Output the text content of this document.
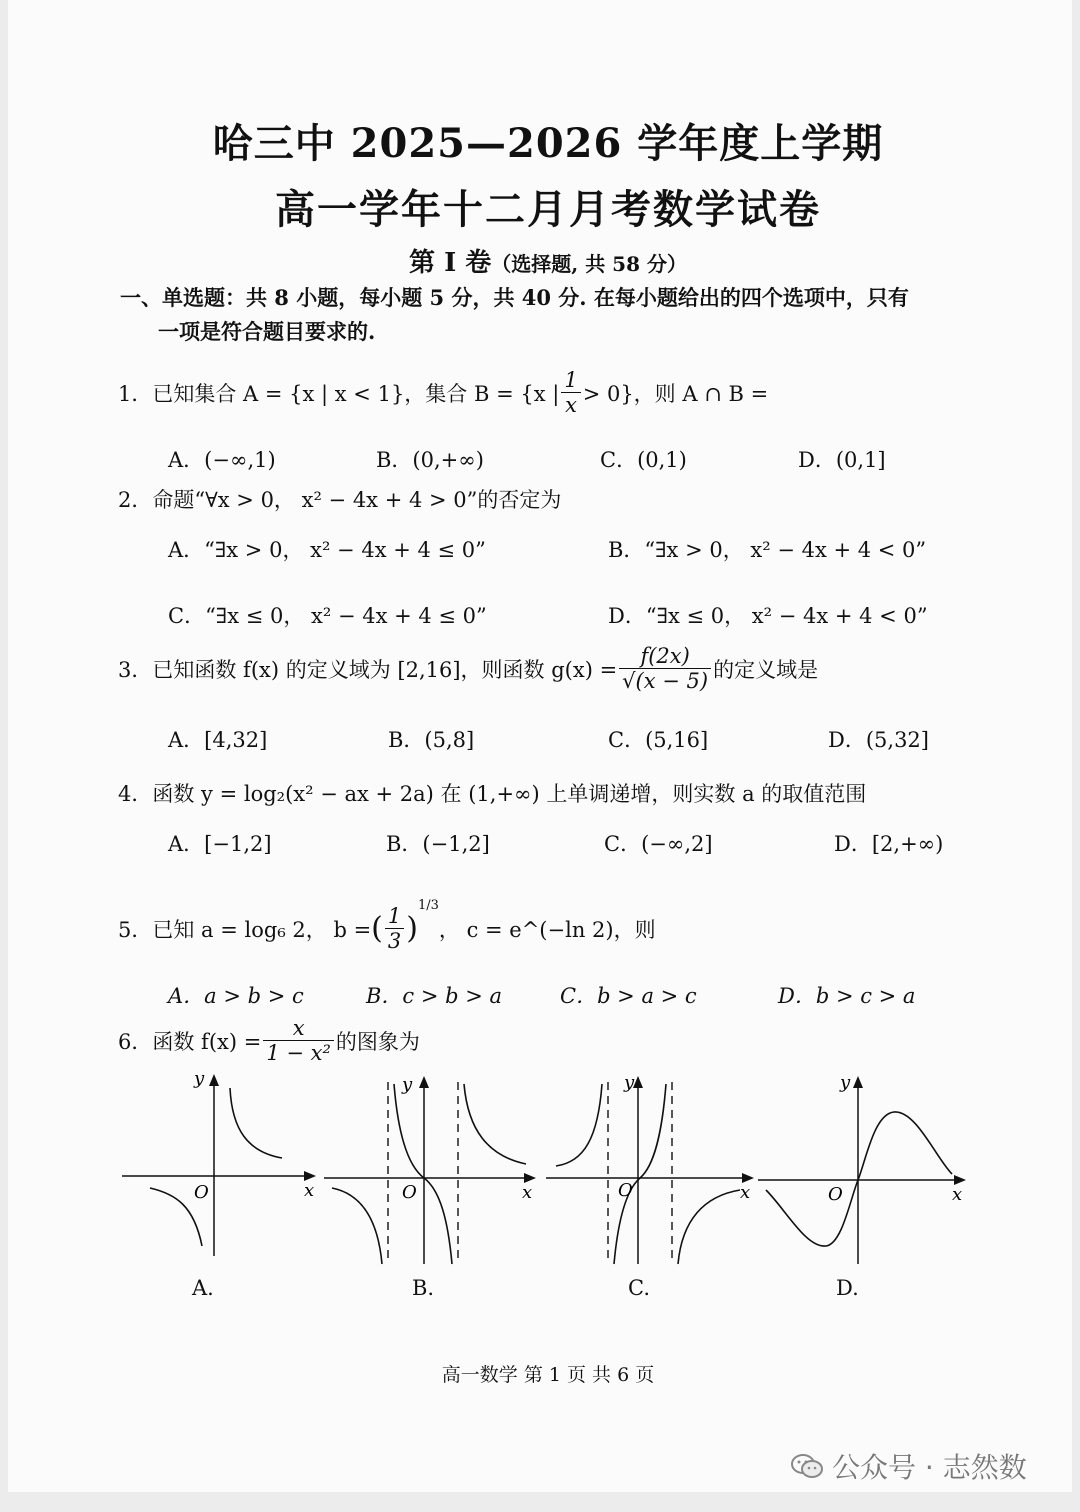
哈三中 2025—2026 学年度上学期
高一学年十二月月考数学试卷
第 I 卷（选择题, 共 58 分）
一、单选题：共 8 小题，每小题 5 分，共 40 分. 在每小题给出的四个选项中，只有
一项是符合题目要求的.
1． 已知集合 A = {x | x < 1}，集合 B = {x | $\frac{1}{x} > 0$}，则 A ∩ B =
A．(−∞,1)	B．(0,+∞)	C．(0,1)	D．(0,1]
2．命题“∀x > 0， x² − 4x + 4 > 0”的否定为
A．“∃x > 0， x² − 4x + 4 ≤ 0”	B．“∃x > 0， x² − 4x + 4 < 0”
C．“∃x ≤ 0， x² − 4x + 4 ≤ 0”	D．“∃x ≤ 0， x² − 4x + 4 < 0”
3． 已知函数 f(x) 的定义域为 [2,16]，则函数 $g(x) = \frac{f(2x)}{√(x - 5)}$ 的定义域是
A．[4,32]	B．(5,8]	C．(5,16]	D．(5,32]
4．函数 y = log₂(x² − ax + 2a) 在 (1,+∞) 上单调递增，则实数 a 的取值范围
A．[−1,2]	B．(−1,2]	C．(−∞,2]	D．[2,+∞)
5． 已知 a = log₆ 2， b = ( $\frac{1}{3}$ )
1/3
， c = e^(−ln 2)，则
A．a > b > c	B．c > b > a	C．b > a > c	D．b > c > a
6． 函数 $f(x) = \frac{x}{\text{1 − x²}}$ 的图象为
y
x
O
y
x
O
y
x
O
y
x
O
A.	B.	C.	D.
高一数学 第 1 页 共 6 页
公众号 · 志然数
